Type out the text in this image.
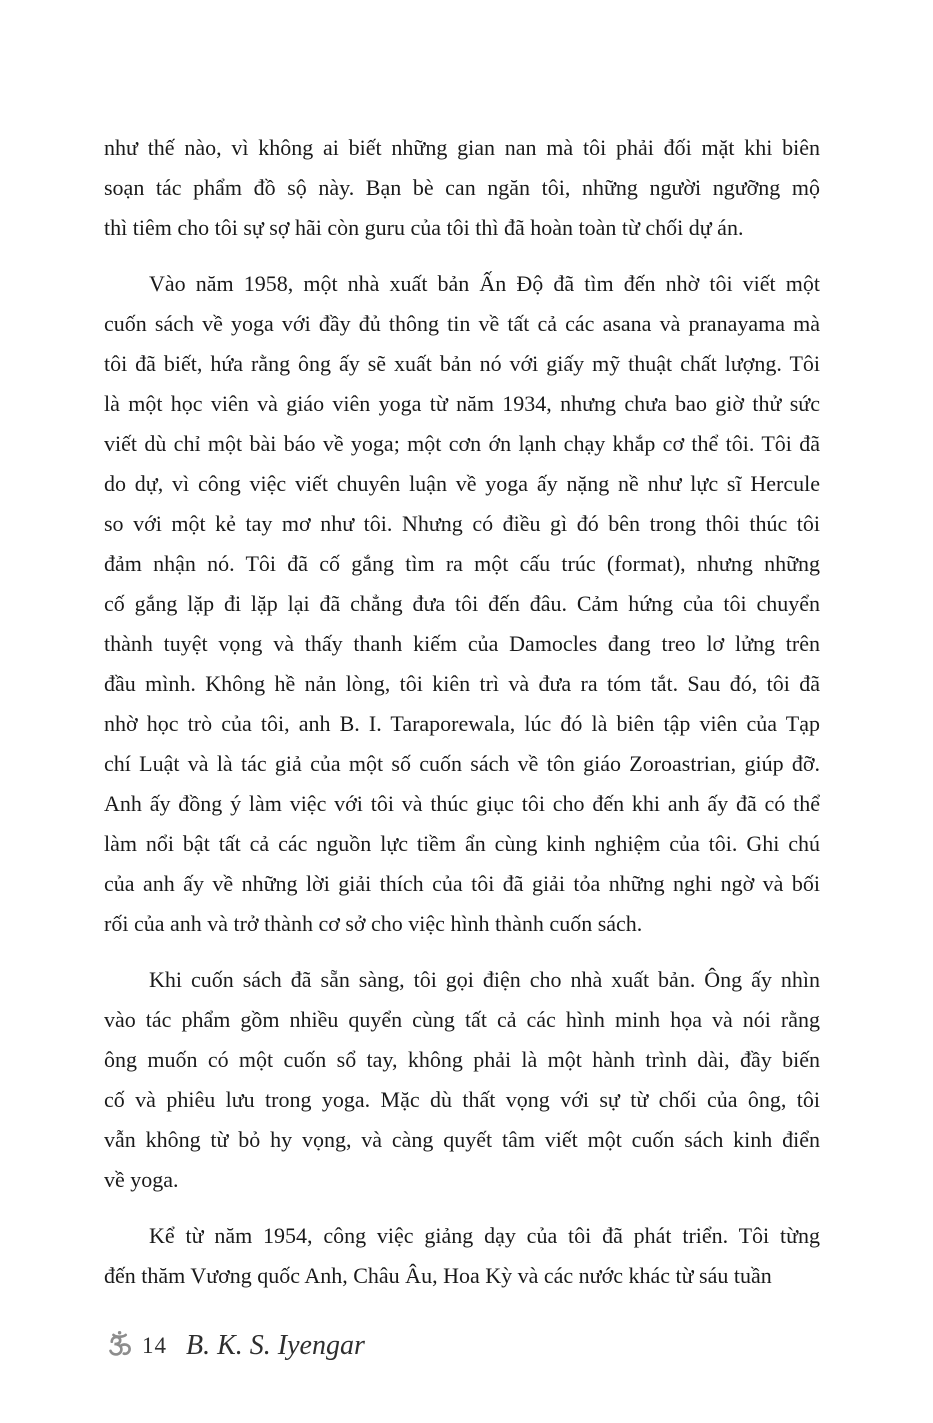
như thế nào, vì không ai biết những gian nan mà tôi phải đối mặt khi biên
soạn tác phẩm đồ sộ này. Bạn bè can ngăn tôi, những người ngưỡng mộ
thì tiêm cho tôi sự sợ hãi còn guru của tôi thì đã hoàn toàn từ chối dự án.
Vào năm 1958, một nhà xuất bản Ấn Độ đã tìm đến nhờ tôi viết một
cuốn sách về yoga với đầy đủ thông tin về tất cả các asana và pranayama mà
tôi đã biết, hứa rằng ông ấy sẽ xuất bản nó với giấy mỹ thuật chất lượng. Tôi
là một học viên và giáo viên yoga từ năm 1934, nhưng chưa bao giờ thử sức
viết dù chỉ một bài báo về yoga; một cơn ớn lạnh chạy khắp cơ thể tôi. Tôi đã
do dự, vì công việc viết chuyên luận về yoga ấy nặng nề như lực sĩ Hercule
so với một kẻ tay mơ như tôi. Nhưng có điều gì đó bên trong thôi thúc tôi
đảm nhận nó. Tôi đã cố gắng tìm ra một cấu trúc (format), nhưng những
cố gắng lặp đi lặp lại đã chẳng đưa tôi đến đâu. Cảm hứng của tôi chuyển
thành tuyệt vọng và thấy thanh kiếm của Damocles đang treo lơ lửng trên
đầu mình. Không hề nản lòng, tôi kiên trì và đưa ra tóm tắt. Sau đó, tôi đã
nhờ học trò của tôi, anh B. I. Taraporewala, lúc đó là biên tập viên của Tạp
chí Luật và là tác giả của một số cuốn sách về tôn giáo Zoroastrian, giúp đỡ.
Anh ấy đồng ý làm việc với tôi và thúc giục tôi cho đến khi anh ấy đã có thể
làm nổi bật tất cả các nguồn lực tiềm ẩn cùng kinh nghiệm của tôi. Ghi chú
của anh ấy về những lời giải thích của tôi đã giải tỏa những nghi ngờ và bối
rối của anh và trở thành cơ sở cho việc hình thành cuốn sách.
Khi cuốn sách đã sẵn sàng, tôi gọi điện cho nhà xuất bản. Ông ấy nhìn
vào tác phẩm gồm nhiều quyển cùng tất cả các hình minh họa và nói rằng
ông muốn có một cuốn sổ tay, không phải là một hành trình dài, đầy biến
cố và phiêu lưu trong yoga. Mặc dù thất vọng với sự từ chối của ông, tôi
vẫn không từ bỏ hy vọng, và càng quyết tâm viết một cuốn sách kinh điển
về yoga.
Kể từ năm 1954, công việc giảng dạy của tôi đã phát triển. Tôi từng
đến thăm Vương quốc Anh, Châu Âu, Hoa Kỳ và các nước khác từ sáu tuần
14 B. K. S. Iyengar
